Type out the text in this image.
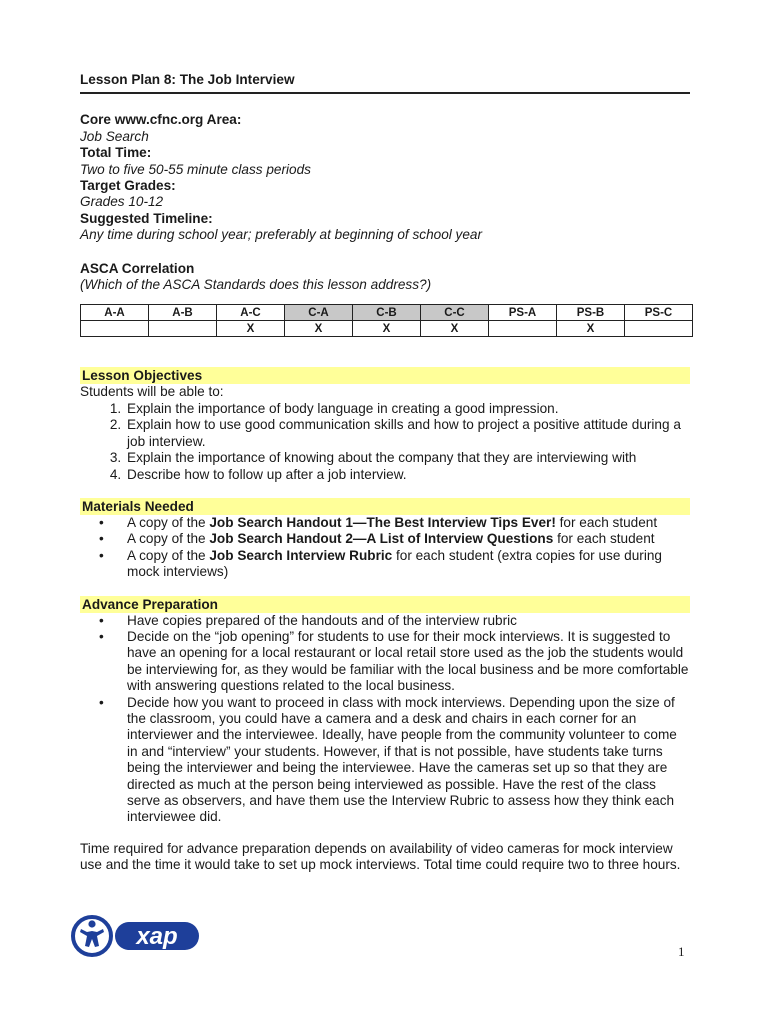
Lesson Plan 8: The Job Interview
Core www.cfnc.org Area:
Job Search
Total Time:
Two to five 50-55 minute class periods
Target Grades:
Grades 10-12
Suggested Timeline:
Any time during school year; preferably at beginning of school year
ASCA Correlation
(Which of the ASCA Standards does this lesson address?)
A-A	A-B	A-C	C-A	C-B	C-C	PS-A	PS-B	PS-C
		X	X	X	X		X	
Lesson Objectives
Students will be able to:
1. Explain the importance of body language in creating a good impression.
2. Explain how to use good communication skills and how to project a positive attitude during a job interview.
3. Explain the importance of knowing about the company that they are interviewing with
4. Describe how to follow up after a job interview.
Materials Needed
• A copy of the Job Search Handout 1—The Best Interview Tips Ever! for each student
• A copy of the Job Search Handout 2—A List of Interview Questions for each student
• A copy of the Job Search Interview Rubric for each student (extra copies for use during mock interviews)
Advance Preparation
• Have copies prepared of the handouts and of the interview rubric
• Decide on the “job opening” for students to use for their mock interviews. It is suggested to have an opening for a local restaurant or local retail store used as the job the students would be interviewing for, as they would be familiar with the local business and be more comfortable with answering questions related to the local business.
• Decide how you want to proceed in class with mock interviews. Depending upon the size of the classroom, you could have a camera and a desk and chairs in each corner for an interviewer and the interviewee. Ideally, have people from the community volunteer to come in and “interview” your students. However, if that is not possible, have students take turns being the interviewer and being the interviewee. Have the cameras set up so that they are directed as much at the person being interviewed as possible. Have the rest of the class serve as observers, and have them use the Interview Rubric to assess how they think each interviewee did.
Time required for advance preparation depends on availability of video cameras for mock interview use and the time it would take to set up mock interviews. Total time could require two to three hours.
xap
1
